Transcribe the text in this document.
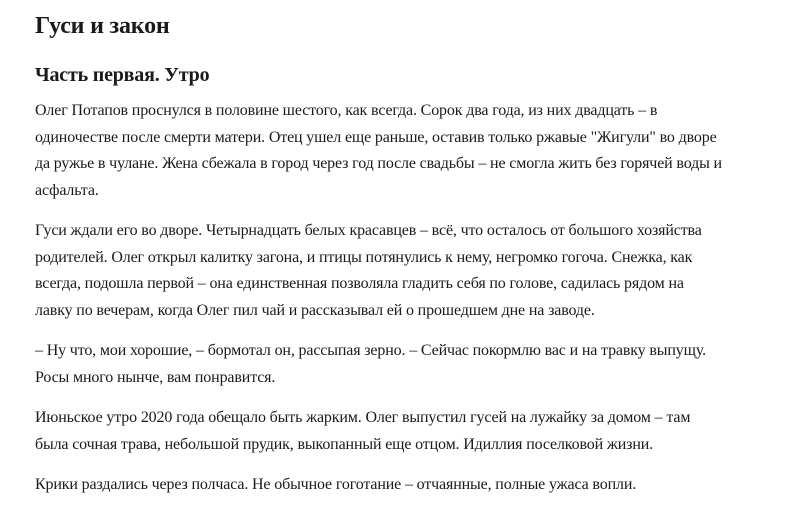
Гуси и закон
Часть первая. Утро

Олег Потапов проснулся в половине шестого, как всегда. Сорок два года, из них двадцать – в одиночестве после смерти матери. Отец ушел еще раньше, оставив только ржавые "Жигули" во дворе да ружье в чулане. Жена сбежала в город через год после свадьбы – не смогла жить без горячей воды и асфальта.

Гуси ждали его во дворе. Четырнадцать белых красавцев – всё, что осталось от большого хозяйства родителей. Олег открыл калитку загона, и птицы потянулись к нему, негромко гогоча. Снежка, как всегда, подошла первой – она единственная позволяла гладить себя по голове, садилась рядом на лавку по вечерам, когда Олег пил чай и рассказывал ей о прошедшем дне на заводе.

– Ну что, мои хорошие, – бормотал он, рассыпая зерно. – Сейчас покормлю вас и на травку выпущу. Росы много нынче, вам понравится.

Июньское утро 2020 года обещало быть жарким. Олег выпустил гусей на лужайку за домом – там была сочная трава, небольшой прудик, выкопанный еще отцом. Идиллия поселковой жизни.

Крики раздались через полчаса. Не обычное гоготание – отчаянные, полные ужаса вопли.
